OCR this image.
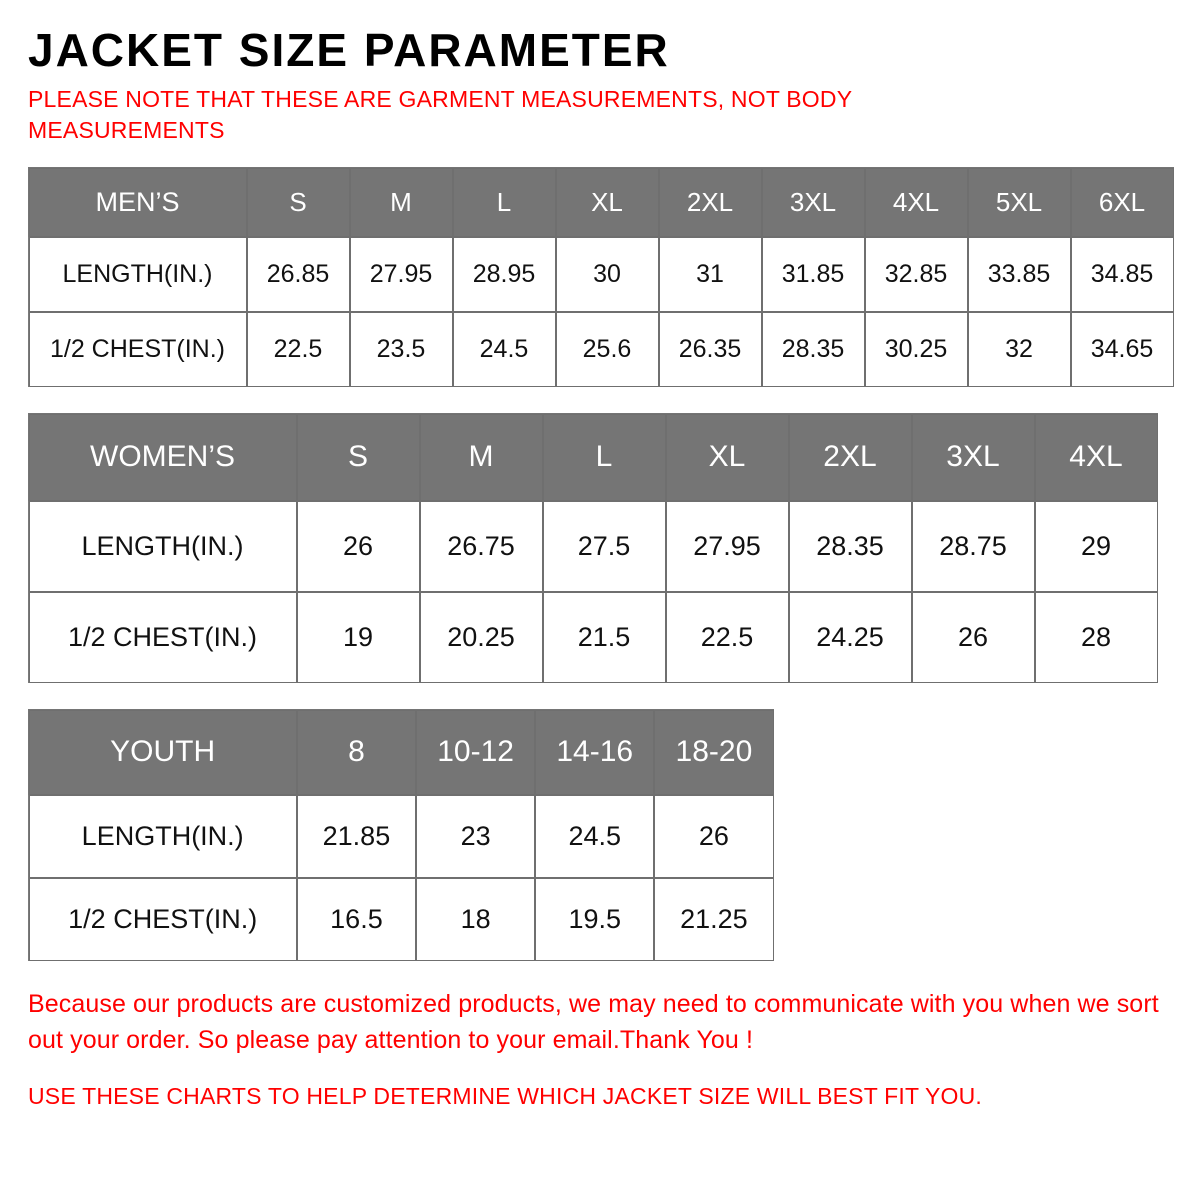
JACKET SIZE PARAMETER

PLEASE NOTE THAT THESE ARE GARMENT MEASUREMENTS, NOT BODY MEASUREMENTS

MEN’S	S	M	L	XL	2XL	3XL	4XL	5XL	6XL
LENGTH(IN.)	26.85	27.95	28.95	30	31	31.85	32.85	33.85	34.85
1/2 CHEST(IN.)	22.5	23.5	24.5	25.6	26.35	28.35	30.25	32	34.65
WOMEN’S	S	M	L	XL	2XL	3XL	4XL
LENGTH(IN.)	26	26.75	27.5	27.95	28.35	28.75	29
1/2 CHEST(IN.)	19	20.25	21.5	22.5	24.25	26	28
YOUTH	8	10-12	14-16	18-20
LENGTH(IN.)	21.85	23	24.5	26
1/2 CHEST(IN.)	16.5	18	19.5	21.25

Because our products are customized products, we may need to communicate with you when we sort out your order. So please pay attention to your email.Thank You !

USE THESE CHARTS TO HELP DETERMINE WHICH JACKET SIZE WILL BEST FIT YOU.
